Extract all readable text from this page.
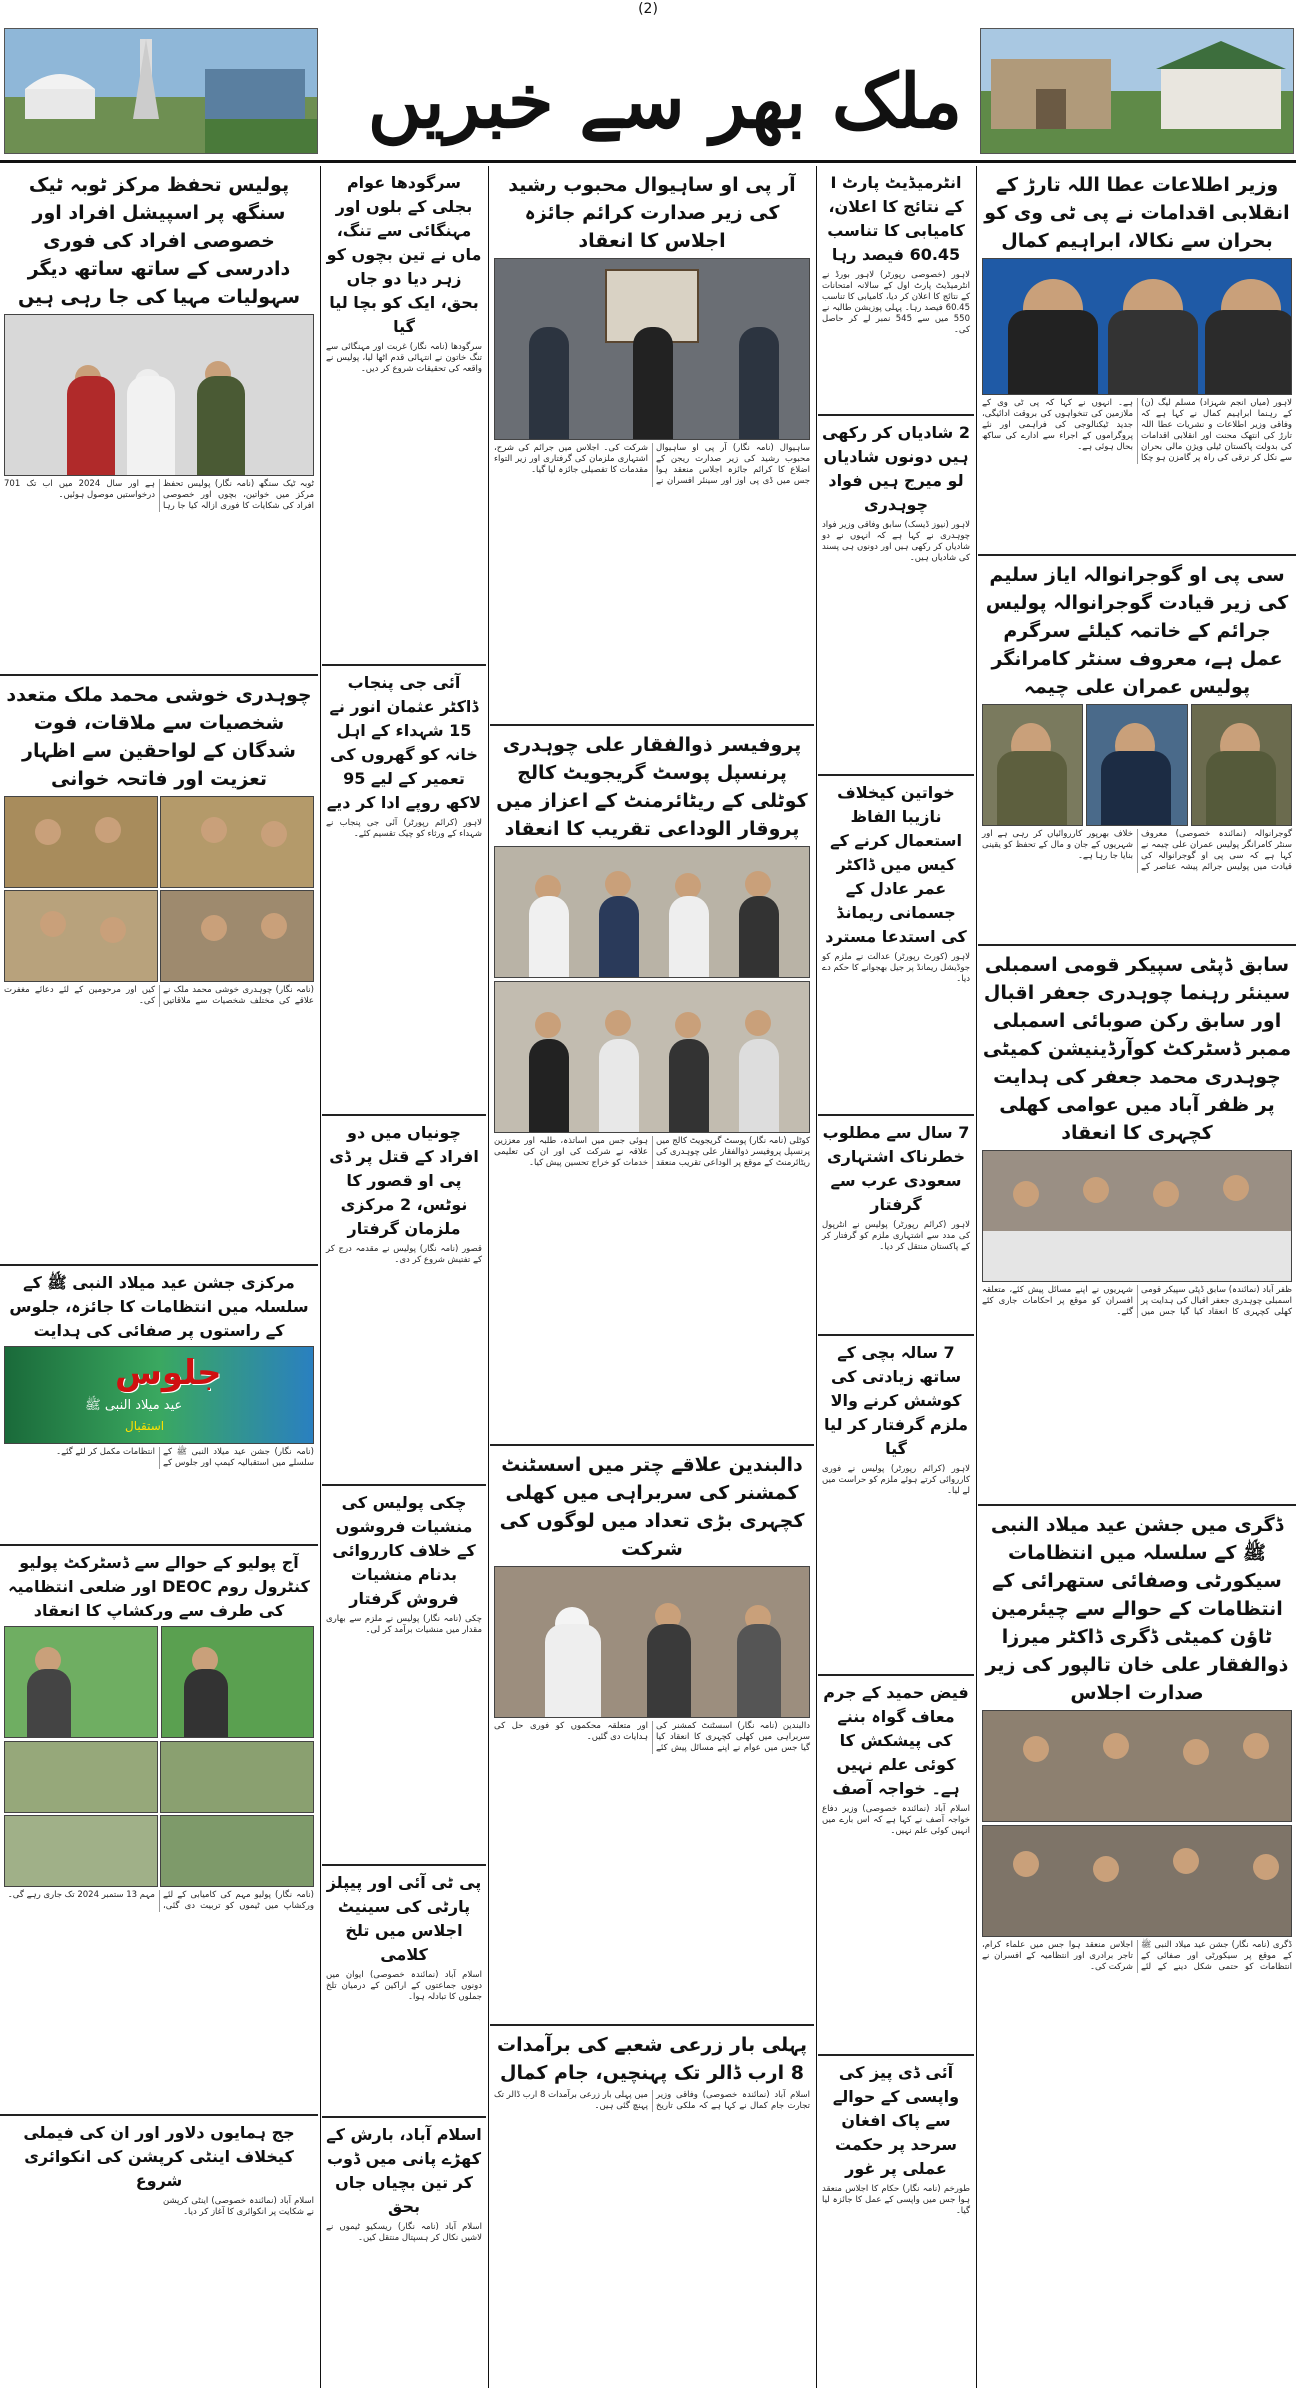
(2)
ملک بھر سے خبریں
وزیر اطلاعات عطا اللہ تارڑ کے انقلابی اقدامات نے پی ٹی وی کو بحران سے نکالا، ابراہیم کمال
لاہور (میاں انجم شہزاد) مسلم لیگ (ن) کے رہنما ابراہیم کمال نے کہا ہے کہ وفاقی وزیر اطلاعات و نشریات عطا اللہ تارڑ کی انتھک محنت اور انقلابی اقدامات کی بدولت پاکستان ٹیلی ویژن مالی بحران سے نکل کر ترقی کی راہ پر گامزن ہو چکا ہے۔ انہوں نے کہا کہ پی ٹی وی کے ملازمین کی تنخواہوں کی بروقت ادائیگی، جدید ٹیکنالوجی کی فراہمی اور نئے پروگراموں کے اجراء سے ادارے کی ساکھ بحال ہوئی ہے۔
سی پی او گوجرانوالہ ایاز سلیم کی زیر قیادت گوجرانوالہ پولیس جرائم کے خاتمہ کیلئے سرگرم عمل ہے، معروف سنٹر کامرانگر پولیس عمران علی چیمہ
گوجرانوالہ (نمائندہ خصوصی) معروف سنٹر کامرانگر پولیس عمران علی چیمہ نے کہا ہے کہ سی پی او گوجرانوالہ کی قیادت میں پولیس جرائم پیشہ عناصر کے خلاف بھرپور کارروائیاں کر رہی ہے اور شہریوں کے جان و مال کے تحفظ کو یقینی بنایا جا رہا ہے۔
سابق ڈپٹی سپیکر قومی اسمبلی سینئر رہنما چوہدری جعفر اقبال اور سابق رکن صوبائی اسمبلی ممبر ڈسٹرکٹ کوآرڈینیشن کمیٹی چوہدری محمد جعفر کی ہدایت پر ظفر آباد میں عوامی کھلی کچہری کا انعقاد
ظفر آباد (نمائندہ) سابق ڈپٹی سپیکر قومی اسمبلی چوہدری جعفر اقبال کی ہدایت پر کھلی کچہری کا انعقاد کیا گیا جس میں شہریوں نے اپنے مسائل پیش کئے، متعلقہ افسران کو موقع پر احکامات جاری کئے گئے۔
ڈگری میں جشن عید میلاد النبی ﷺ کے سلسلہ میں انتظامات سیکورٹی وصفائی ستھرائی کے انتظامات کے حوالے سے چیئرمین ٹاؤن کمیٹی ڈگری ڈاکٹر میرزا ذوالفقار علی خان تالپور کی زیر صدارت اجلاس
ڈگری (نامہ نگار) جشن عید میلاد النبی ﷺ کے موقع پر سیکورٹی اور صفائی کے انتظامات کو حتمی شکل دینے کے لئے اجلاس منعقد ہوا جس میں علماء کرام، تاجر برادری اور انتظامیہ کے افسران نے شرکت کی۔
انٹرمیڈیٹ پارٹ I کے نتائج کا اعلان، کامیابی کا تناسب 60.45 فیصد رہا
لاہور (خصوصی رپورٹر) لاہور بورڈ نے انٹرمیڈیٹ پارٹ اول کے سالانہ امتحانات کے نتائج کا اعلان کر دیا، کامیابی کا تناسب 60.45 فیصد رہا۔ پہلی پوزیشن طالبہ نے 550 میں سے 545 نمبر لے کر حاصل کی۔
2 شادیاں کر رکھی ہیں دونوں شادیاں لو میرج ہیں فواد چوہدری
لاہور (نیوز ڈیسک) سابق وفاقی وزیر فواد چوہدری نے کہا ہے کہ انہوں نے دو شادیاں کر رکھی ہیں اور دونوں ہی پسند کی شادیاں ہیں۔
خواتین کیخلاف نازیبا الفاظ استعمال کرنے کے کیس میں ڈاکٹر عمر عادل کے جسمانی ریمانڈ کی استدعا مسترد
لاہور (کورٹ رپورٹر) عدالت نے ملزم کو جوڈیشل ریمانڈ پر جیل بھجوانے کا حکم دے دیا۔
7 سال سے مطلوب خطرناک اشتہاری سعودی عرب سے گرفتار
لاہور (کرائم رپورٹر) پولیس نے انٹرپول کی مدد سے اشتہاری ملزم کو گرفتار کر کے پاکستان منتقل کر دیا۔
7 سالہ بچی کے ساتھ زیادتی کی کوشش کرنے والا ملزم گرفتار کر لیا گیا
لاہور (کرائم رپورٹر) پولیس نے فوری کارروائی کرتے ہوئے ملزم کو حراست میں لے لیا۔
فیض حمید کے جرم معاف گواہ بننے کی پیشکش کا کوئی علم نہیں ہے۔ خواجہ آصف
اسلام آباد (نمائندہ خصوصی) وزیر دفاع خواجہ آصف نے کہا ہے کہ اس بارے میں انہیں کوئی علم نہیں۔
آئی ڈی پیز کی واپسی کے حوالے سے پاک افغان سرحد پر حکمت عملی پر غور
طورخم (نامہ نگار) حکام کا اجلاس منعقد ہوا جس میں واپسی کے عمل کا جائزہ لیا گیا۔
آر پی او ساہیوال محبوب رشید کی زیر صدارت کرائم جائزہ اجلاس کا انعقاد
ساہیوال (نامہ نگار) آر پی او ساہیوال محبوب رشید کی زیر صدارت ریجن کے اضلاع کا کرائم جائزہ اجلاس منعقد ہوا جس میں ڈی پی اوز اور سینئر افسران نے شرکت کی۔ اجلاس میں جرائم کی شرح، اشتہاری ملزمان کی گرفتاری اور زیر التواء مقدمات کا تفصیلی جائزہ لیا گیا۔
پروفیسر ذوالفقار علی چوہدری پرنسپل پوسٹ گریجویٹ کالج کوٹلی کے ریٹائرمنٹ کے اعزاز میں پروقار الوداعی تقریب کا انعقاد
کوٹلی (نامہ نگار) پوسٹ گریجویٹ کالج میں پرنسپل پروفیسر ذوالفقار علی چوہدری کی ریٹائرمنٹ کے موقع پر الوداعی تقریب منعقد ہوئی جس میں اساتذہ، طلبہ اور معززین علاقہ نے شرکت کی اور ان کی تعلیمی خدمات کو خراج تحسین پیش کیا۔
دالبندین علاقے چتر میں اسسٹنٹ کمشنر کی سربراہی میں کھلی کچہری بڑی تعداد میں لوگوں کی شرکت
دالبندین (نامہ نگار) اسسٹنٹ کمشنر کی سربراہی میں کھلی کچہری کا انعقاد کیا گیا جس میں عوام نے اپنے مسائل پیش کئے اور متعلقہ محکموں کو فوری حل کی ہدایات دی گئیں۔
پہلی بار زرعی شعبے کی برآمدات 8 ارب ڈالر تک پہنچیں، جام کمال
اسلام آباد (نمائندہ خصوصی) وفاقی وزیر تجارت جام کمال نے کہا ہے کہ ملکی تاریخ میں پہلی بار زرعی برآمدات 8 ارب ڈالر تک پہنچ گئی ہیں۔
سرگودھا عوام بجلی کے بلوں اور مہنگائی سے تنگ، ماں نے تین بچوں کو زہر دیا دو جاں بحق، ایک کو بچا لیا گیا
سرگودھا (نامہ نگار) غربت اور مہنگائی سے تنگ خاتون نے انتہائی قدم اٹھا لیا، پولیس نے واقعہ کی تحقیقات شروع کر دیں۔
آئی جی پنجاب ڈاکٹر عثمان انور نے 15 شہداء کے اہل خانہ کو گھروں کی تعمیر کے لیے 95 لاکھ روپے ادا کر دیے
لاہور (کرائم رپورٹر) آئی جی پنجاب نے شہداء کے ورثاء کو چیک تقسیم کئے۔
چونیاں میں دو افراد کے قتل پر ڈی پی او قصور کا نوٹس، 2 مرکزی ملزمان گرفتار
قصور (نامہ نگار) پولیس نے مقدمہ درج کر کے تفتیش شروع کر دی۔
چکی پولیس کی منشیات فروشوں کے خلاف کارروائی بدنام منشیات فروش گرفتار
چکی (نامہ نگار) پولیس نے ملزم سے بھاری مقدار میں منشیات برآمد کر لی۔
پی ٹی آئی اور پیپلز پارٹی کی سینیٹ اجلاس میں تلخ کلامی
اسلام آباد (نمائندہ خصوصی) ایوان میں دونوں جماعتوں کے اراکین کے درمیان تلخ جملوں کا تبادلہ ہوا۔
اسلام آباد، بارش کے کھڑے پانی میں ڈوب کر تین بچیاں جاں بحق
اسلام آباد (نامہ نگار) ریسکیو ٹیموں نے لاشیں نکال کر ہسپتال منتقل کیں۔
پولیس تحفظ مرکز ٹوبہ ٹیک سنگھ پر اسپیشل افراد اور خصوصی افراد کی فوری دادرسی کے ساتھ ساتھ دیگر سہولیات مہیا کی جا رہی ہیں
ٹوبہ ٹیک سنگھ (نامہ نگار) پولیس تحفظ مرکز میں خواتین، بچوں اور خصوصی افراد کی شکایات کا فوری ازالہ کیا جا رہا ہے اور سال 2024 میں اب تک 701 درخواستیں موصول ہوئیں۔
چوہدری خوشی محمد ملک متعدد شخصیات سے ملاقات، فوت شدگان کے لواحقین سے اظہار تعزیت اور فاتحہ خوانی
(نامہ نگار) چوہدری خوشی محمد ملک نے علاقے کی مختلف شخصیات سے ملاقاتیں کیں اور مرحومین کے لئے دعائے مغفرت کی۔
مرکزی جشن عید میلاد النبی ﷺ کے سلسلہ میں انتظامات کا جائزہ، جلوس کے راستوں پر صفائی کی ہدایت
جلوس
عید میلاد النبی ﷺ
استقبال
(نامہ نگار) جشن عید میلاد النبی ﷺ کے سلسلے میں استقبالیہ کیمپ اور جلوس کے انتظامات مکمل کر لئے گئے۔
آج پولیو کے حوالے سے ڈسٹرکٹ پولیو کنٹرول روم DEOC اور ضلعی انتظامیہ کی طرف سے ورکشاپ کا انعقاد
(نامہ نگار) پولیو مہم کی کامیابی کے لئے ورکشاپ میں ٹیموں کو تربیت دی گئی، مہم 13 ستمبر 2024 تک جاری رہے گی۔
جج ہمایوں دلاور اور ان کی فیملی کیخلاف اینٹی کرپشن کی انکوائری شروع
اسلام آباد (نمائندہ خصوصی) اینٹی کرپشن نے شکایت پر انکوائری کا آغاز کر دیا۔
